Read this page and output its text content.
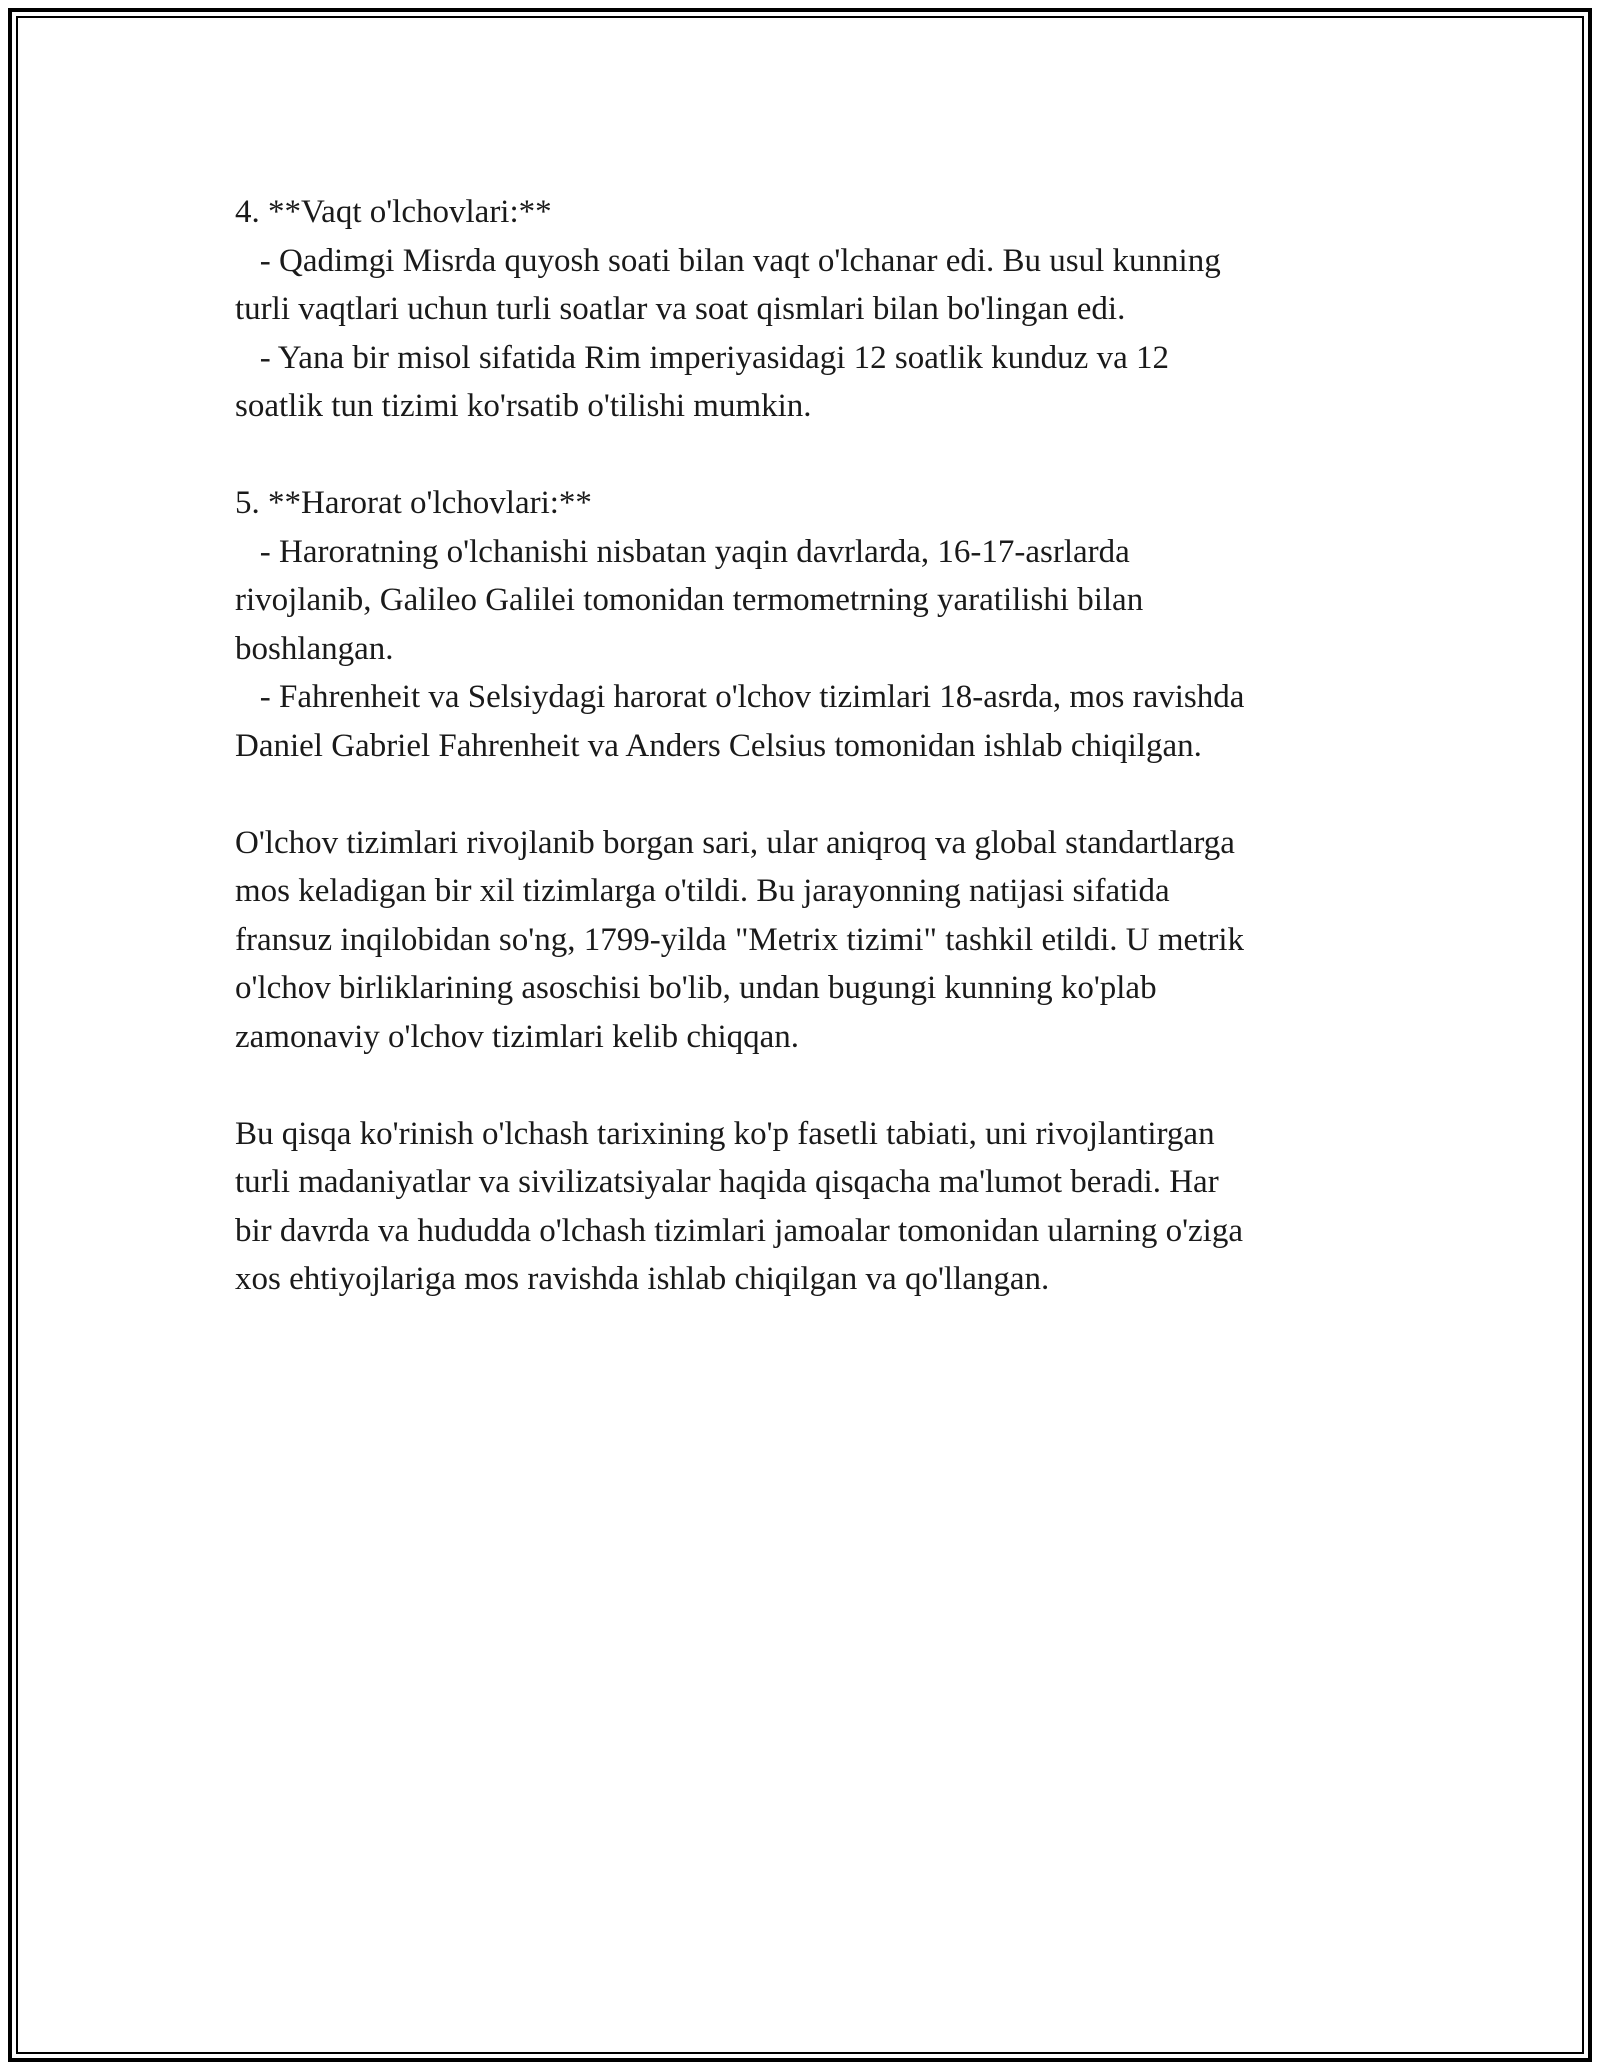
4. **Vaqt o'lchovlari:**
- Qadimgi Misrda quyosh soati bilan vaqt o'lchanar edi. Bu usul kunning
turli vaqtlari uchun turli soatlar va soat qismlari bilan bo'lingan edi.
- Yana bir misol sifatida Rim imperiyasidagi 12 soatlik kunduz va 12
soatlik tun tizimi ko'rsatib o'tilishi mumkin.
5. **Harorat o'lchovlari:**
- Haroratning o'lchanishi nisbatan yaqin davrlarda, 16-17-asrlarda
rivojlanib, Galileo Galilei tomonidan termometrning yaratilishi bilan
boshlangan.
- Fahrenheit va Selsiydagi harorat o'lchov tizimlari 18-asrda, mos ravishda
Daniel Gabriel Fahrenheit va Anders Celsius tomonidan ishlab chiqilgan.
O'lchov tizimlari rivojlanib borgan sari, ular aniqroq va global standartlarga
mos keladigan bir xil tizimlarga o'tildi. Bu jarayonning natijasi sifatida
fransuz inqilobidan so'ng, 1799-yilda "Metrix tizimi" tashkil etildi. U metrik
o'lchov birliklarining asoschisi bo'lib, undan bugungi kunning ko'plab
zamonaviy o'lchov tizimlari kelib chiqqan.
Bu qisqa ko'rinish o'lchash tarixining ko'p fasetli tabiati, uni rivojlantirgan
turli madaniyatlar va sivilizatsiyalar haqida qisqacha ma'lumot beradi. Har
bir davrda va hududda o'lchash tizimlari jamoalar tomonidan ularning o'ziga
xos ehtiyojlariga mos ravishda ishlab chiqilgan va qo'llangan.
